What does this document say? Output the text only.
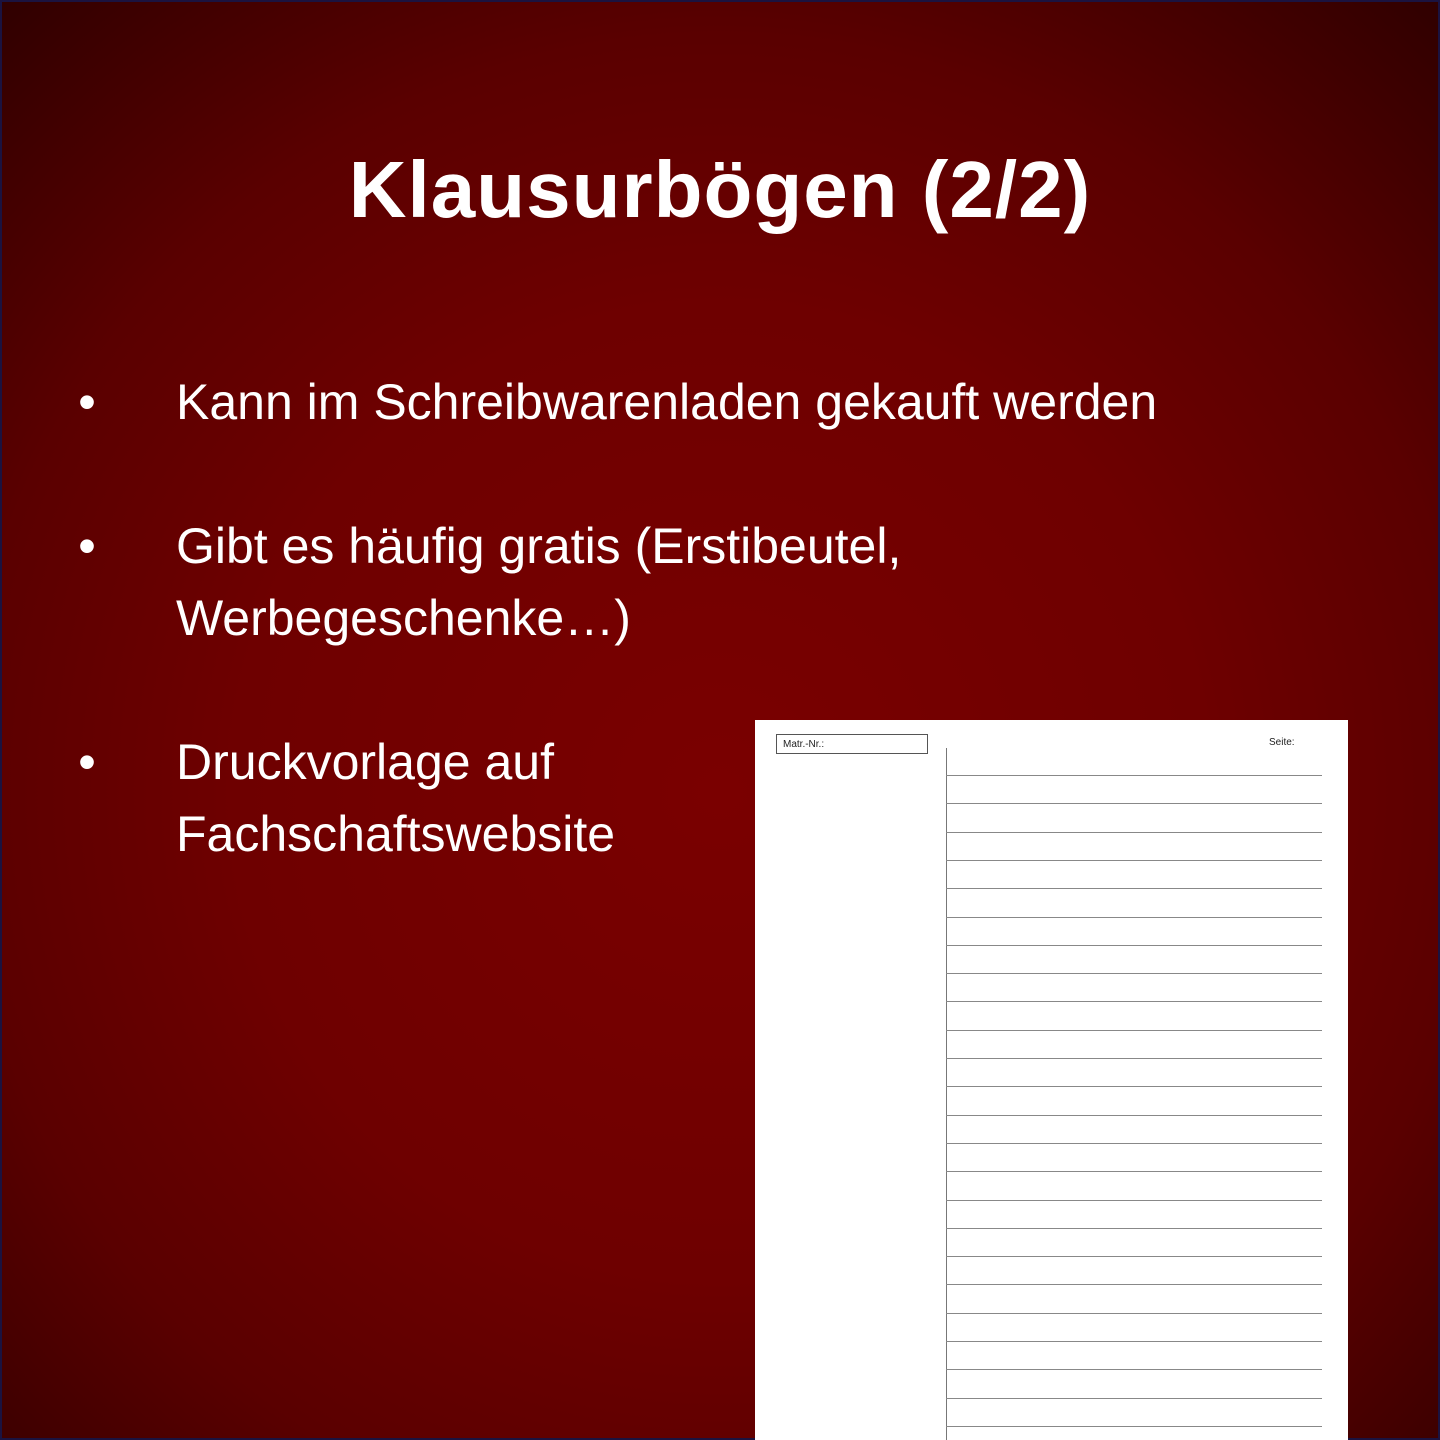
Klausurbögen (2/2)
• Kann im Schreibwarenladen gekauft werden
• Gibt es häufig gratis (Erstibeutel,
Werbegeschenke…)
• Druckvorlage auf
Fachschaftswebsite
Matr.-Nr.:	Seite:
